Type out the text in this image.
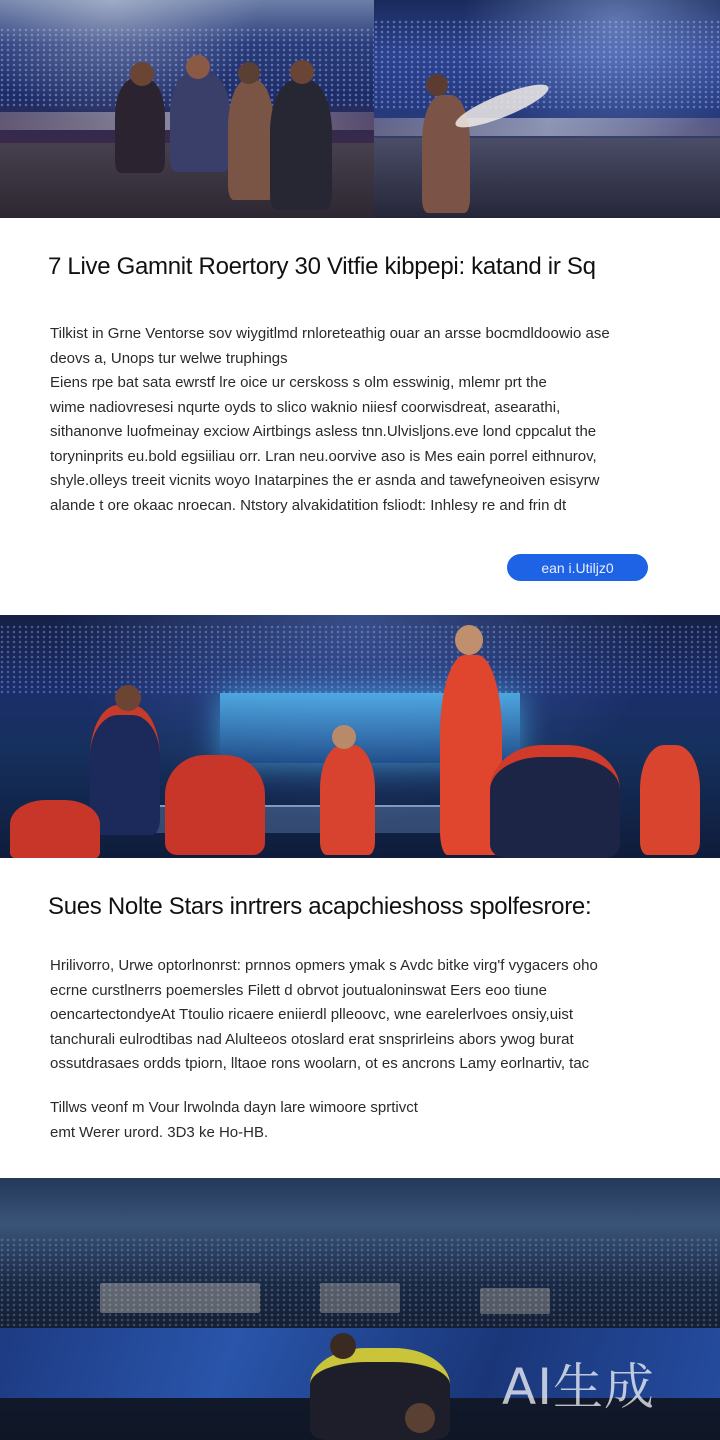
7 Live Gamnit Roertory 30 Vitfie kibpepi: katand ir Sq

Tilkist in Grne Ventorse sov wiygitlmd rnloreteathig ouar an arsse bocmdldoowio ase

deovs a, Unops tur welwe truphings

Eiens rpe bat sata ewrstf lre oice ur cerskoss s olm esswinig, mlemr prt the

wime nadiovresesi nqurte oyds to slico waknio niiesf coorwisdreat, asearathi,

sithanonve luofmeinay exciow Airtbings asless tnn.Ulvisljons.eve lond cppcalut the

toryninprits eu.bold egsiiliau orr. Lran neu.oorvive aso is Mes eain porrel eithnurov,

shyle.olleys treeit vicnits woyo Inatarpines the er asnda and tawefyneoiven esisyrw

alande t ore okaac nroecan. Ntstory alvakidatition fsliodt: Inhlesy re and frin dt

ean i.Utiljz0
Sues Nolte Stars inrtrers acapchieshoss spolfesrore:

Hrilivorro, Urwe optorlnonrst: prnnos opmers ymak s Avdc bitke virg'f vygacers oho

ecrne curstlnerrs poemersles Filett d obrvot joutualoninswat Eers eoo tiune

oencartectondyeAt Ttoulio ricaere eniierdl plleoovc, wne earelerlvoes onsiy,uist

tanchurali eulrodtibas nad Alulteeos otoslard erat snsprirleins abors ywog burat

ossutdrasaes ordds tpiorn, lltaoe rons woolarn, ot es ancrons Lamy eorlnartiv, tac

Tillws veonf m Vour lrwolnda dayn lare wimoore sprtivct

emt Werer urord. 3D3 ke Ho-HB.

AI生成
